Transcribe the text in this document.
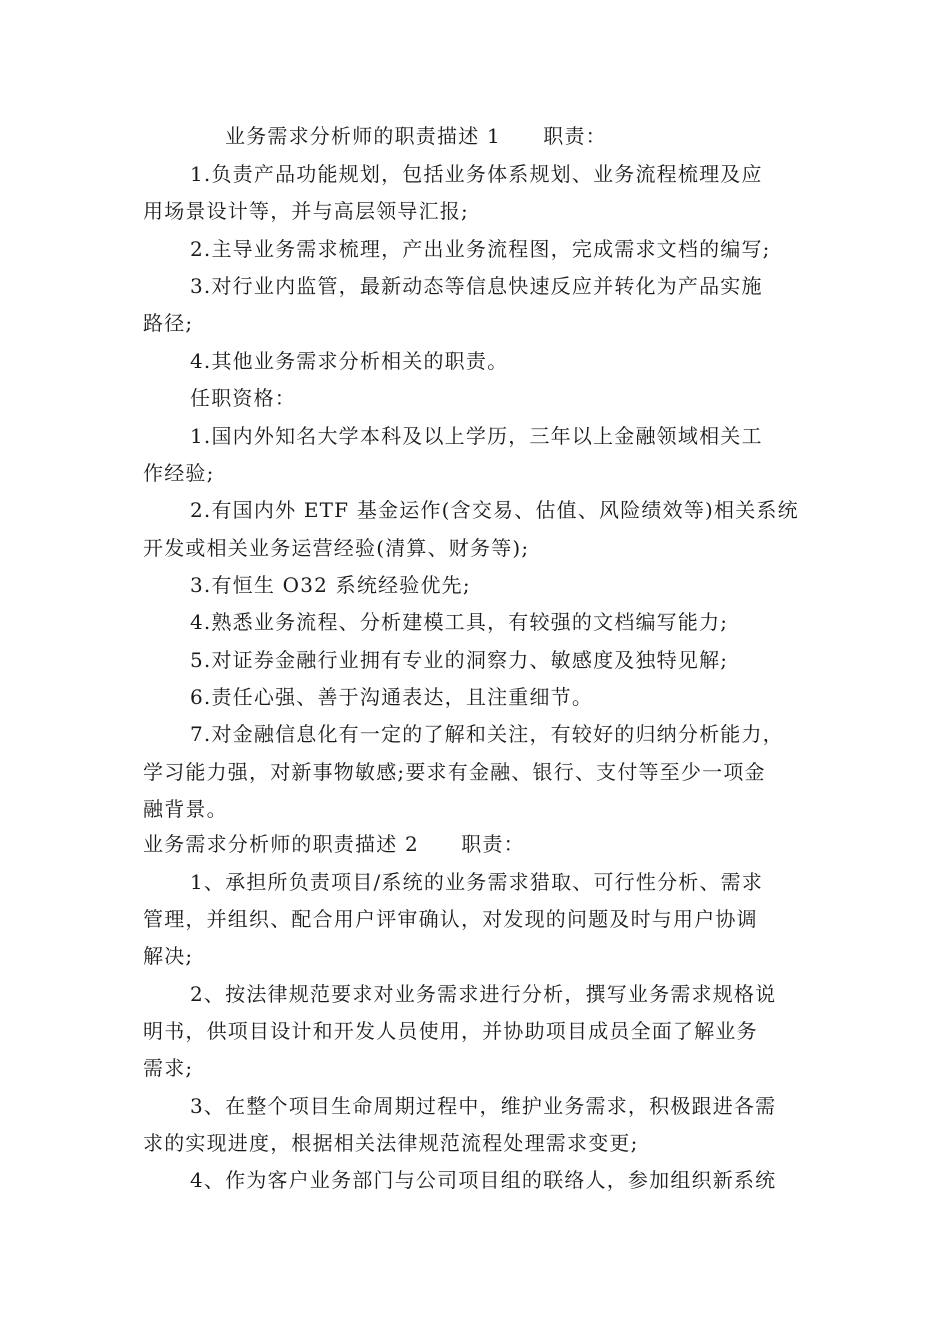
业务需求分析师的职责描述 1　　职责：
1.负责产品功能规划，包括业务体系规划、业务流程梳理及应
用场景设计等，并与高层领导汇报;
2.主导业务需求梳理，产出业务流程图，完成需求文档的编写;
3.对行业内监管，最新动态等信息快速反应并转化为产品实施
路径;
4.其他业务需求分析相关的职责。
任职资格：
1.国内外知名大学本科及以上学历，三年以上金融领域相关工
作经验;
2.有国内外 ETF 基金运作(含交易、估值、风险绩效等)相关系统
开发或相关业务运营经验(清算、财务等);
3.有恒生 O32 系统经验优先;
4.熟悉业务流程、分析建模工具，有较强的文档编写能力;
5.对证券金融行业拥有专业的洞察力、敏感度及独特见解;
6.责任心强、善于沟通表达，且注重细节。
7.对金融信息化有一定的了解和关注，有较好的归纳分析能力，
学习能力强，对新事物敏感;要求有金融、银行、支付等至少一项金
融背景。
业务需求分析师的职责描述 2　　职责：
1、承担所负责项目/系统的业务需求猎取、可行性分析、需求
管理，并组织、配合用户评审确认，对发现的问题及时与用户协调
解决;
2、按法律规范要求对业务需求进行分析，撰写业务需求规格说
明书，供项目设计和开发人员使用，并协助项目成员全面了解业务
需求;
3、在整个项目生命周期过程中，维护业务需求，积极跟进各需
求的实现进度，根据相关法律规范流程处理需求变更;
4、作为客户业务部门与公司项目组的联络人，参加组织新系统
